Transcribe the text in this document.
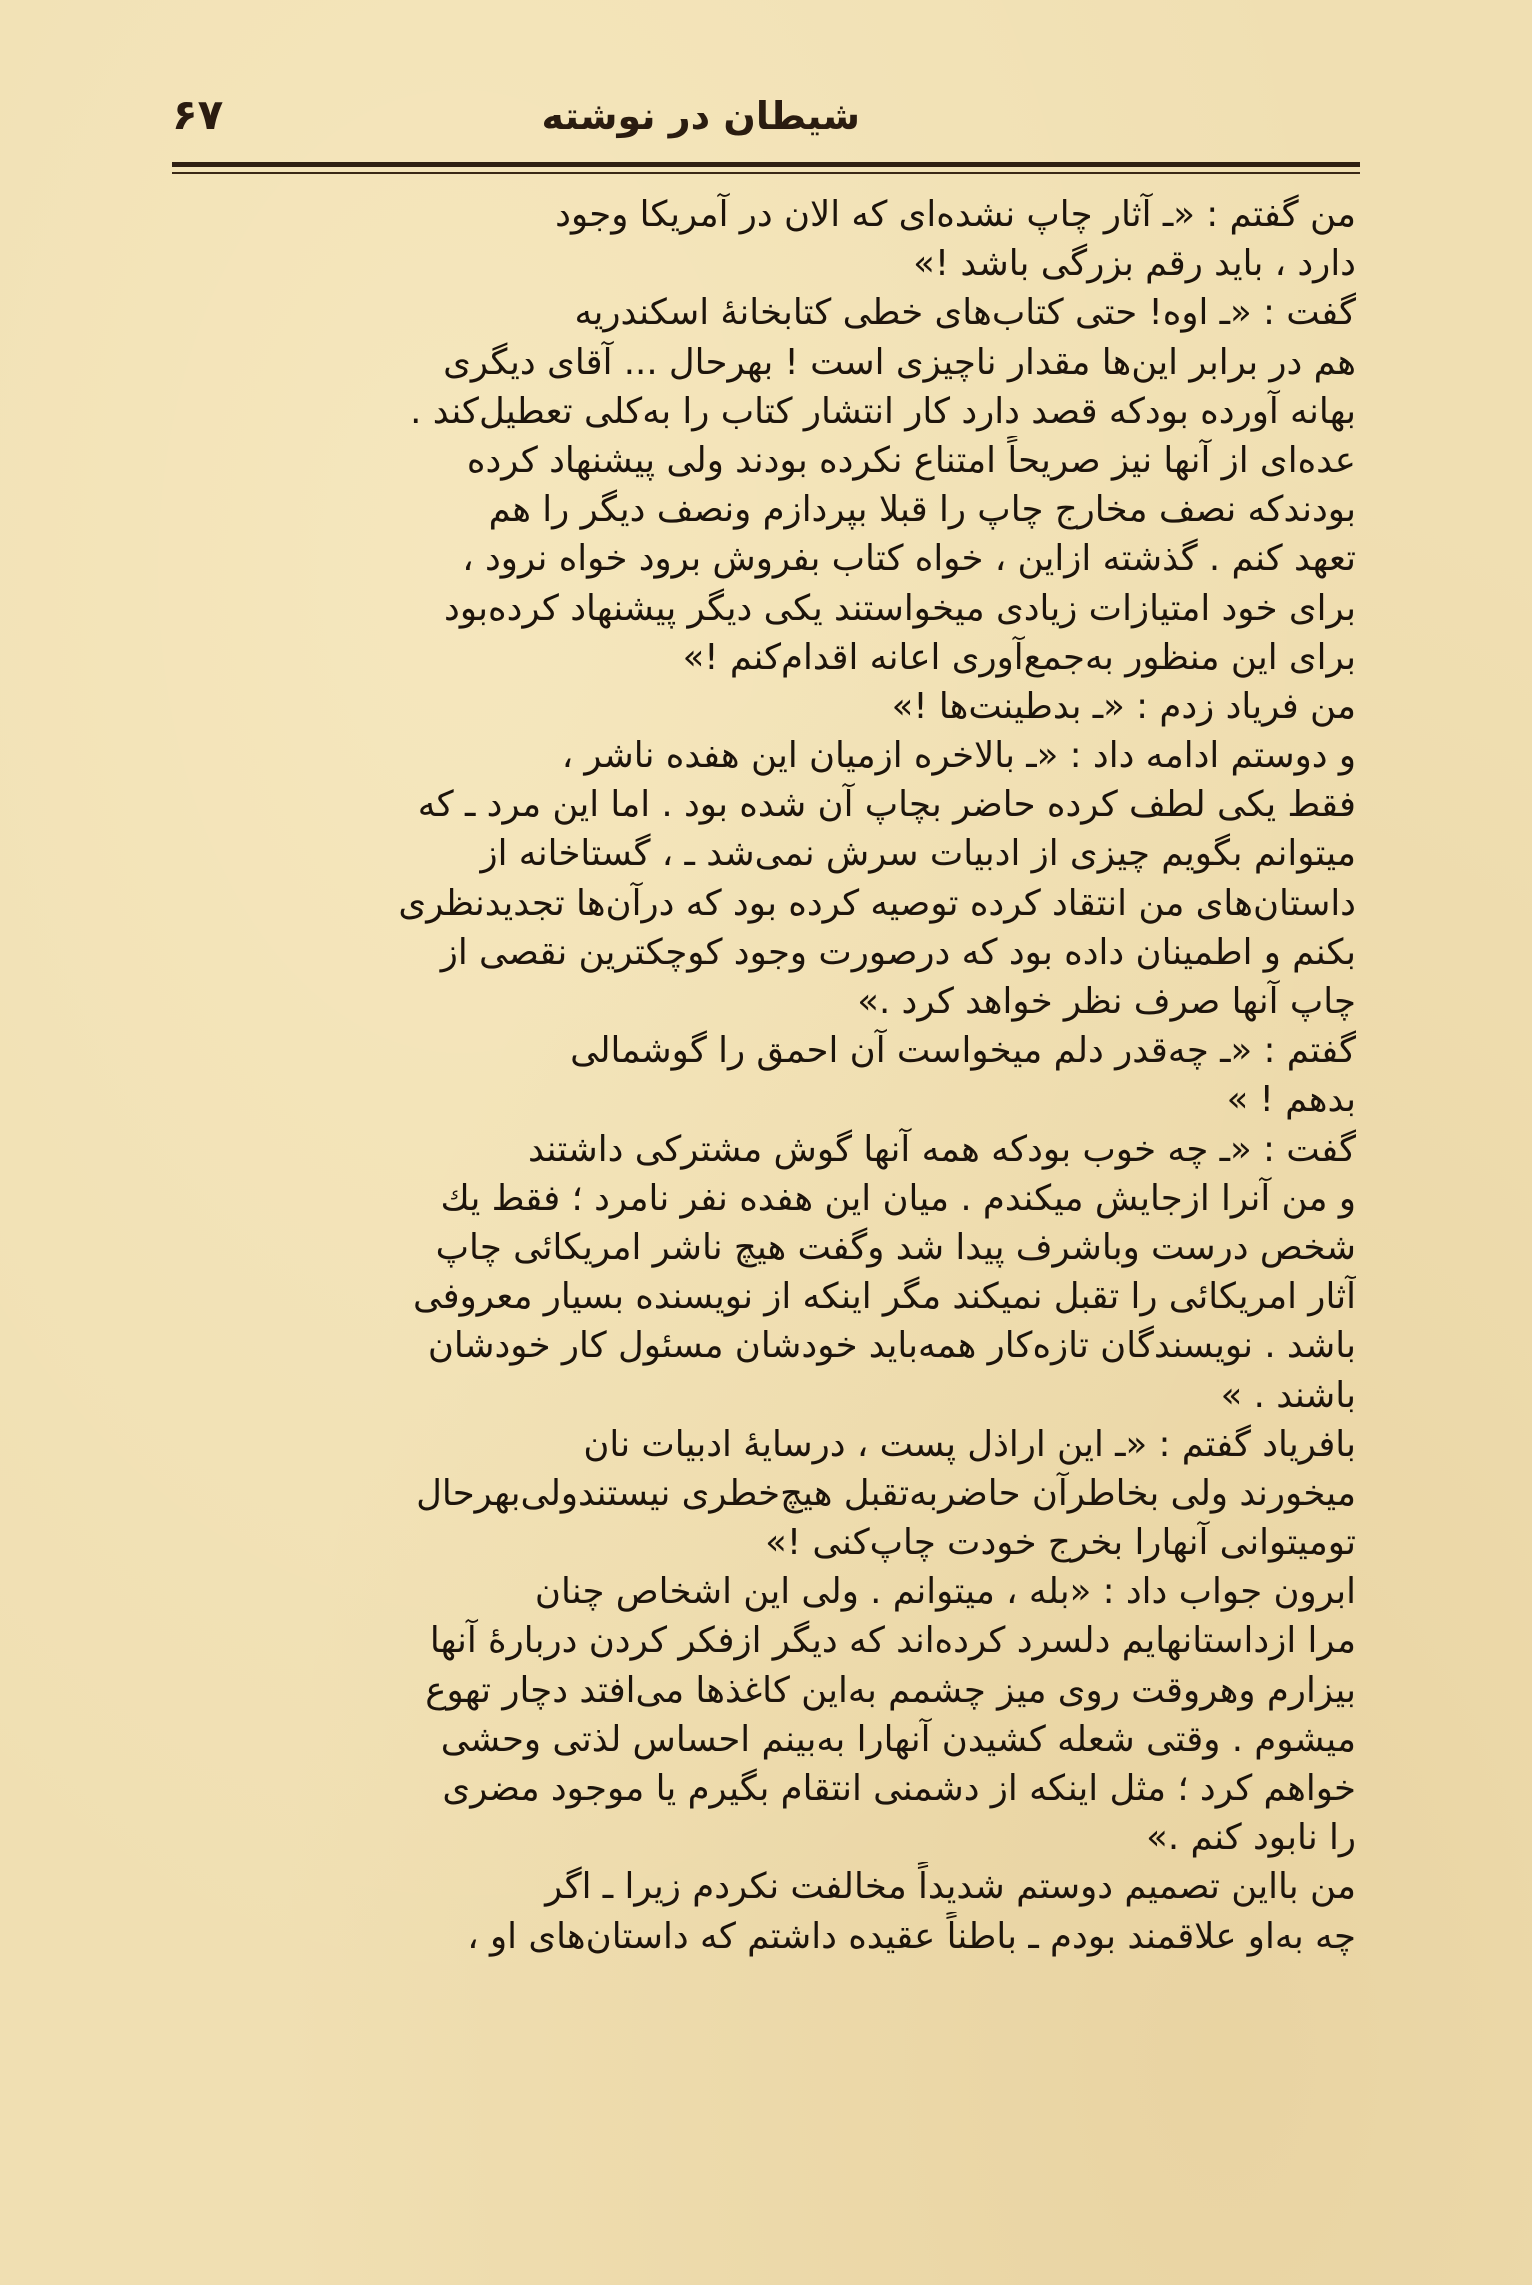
شیطان در نوشته
۶۷
من گفتم : «ـ آثار چاپ نشده‌ای که الان در آمریکا وجود
دارد ، باید رقم بزرگی باشد !»
گفت : «ـ اوه! حتی کتاب‌های خطی کتابخانهٔ اسکندریه
هم در برابر این‌ها مقدار ناچیزی است ! بهرحال ... آقای دیگری
بهانه آورده بودکه قصد دارد کار انتشار کتاب را به‌کلی تعطیل‌کند .
عده‌ای از آنها نیز صریحاً امتناع نکرده بودند ولی پیشنهاد کرده
بودندکه نصف مخارج چاپ را قبلا بپردازم ونصف دیگر را هم
تعهد کنم . گذشته ازاین ، خواه کتاب بفروش برود خواه نرود ،
برای خود امتیازات زیادی میخواستند یکی دیگر پیشنهاد کرده‌بود
برای این منظور به‌جمع‌آوری اعانه اقدام‌کنم !»
من فریاد زدم : «ـ بدطینت‌ها !»
و دوستم ادامه داد : «ـ بالاخره ازمیان این هفده ناشر ،
فقط یکی لطف کرده حاضر بچاپ آن شده بود . اما این مرد ـ که
میتوانم بگویم چیزی از ادبیات سرش نمی‌شد ـ ، گستاخانه از
داستان‌های من انتقاد کرده توصیه کرده بود که درآن‌ها تجدیدنظری
بکنم و اطمینان داده بود که درصورت وجود کوچکترین نقصی از
چاپ آنها صرف نظر خواهد کرد .»
گفتم : «ـ چه‌قدر دلم میخواست آن احمق را گوشمالی
بدهم ! »
گفت : «ـ چه خوب بودکه همه آنها گوش مشترکی داشتند
و من آنرا ازجایش میکندم . میان این هفده نفر نامرد ؛ فقط یك
شخص درست وباشرف پیدا شد وگفت هیچ ناشر امریکائی چاپ
آثار امریکائی را تقبل نمیکند مگر اینکه از نویسنده بسیار معروفی
باشد . نویسندگان تازه‌کار همه‌باید خودشان مسئول کار خودشان
باشند . »
بافریاد گفتم : «ـ این اراذل پست ، درسایهٔ ادبیات نان
میخورند ولی بخاطرآن حاضربه‌تقبل هیچ‌خطری نیستندولی‌بهرحال
تومیتوانی آنهارا بخرج خودت چاپ‌کنی !»
ابرون جواب داد : «بله ، میتوانم . ولی این اشخاص چنان
مرا ازداستانهایم دلسرد کرده‌اند که دیگر ازفکر کردن دربارهٔ آنها
بیزارم وهروقت روی میز چشمم به‌این کاغذها می‌افتد دچار تهوع
میشوم . وقتی شعله کشیدن آنهارا به‌بینم احساس لذتی وحشی
خواهم کرد ؛ مثل اینکه از دشمنی انتقام بگیرم یا موجود مضری
را نابود کنم .»
من بااین تصمیم دوستم شدیداً مخالفت نکردم زیرا ـ اگر
چه به‌او علاقمند بودم ـ باطناً عقیده داشتم که داستان‌های او ،
